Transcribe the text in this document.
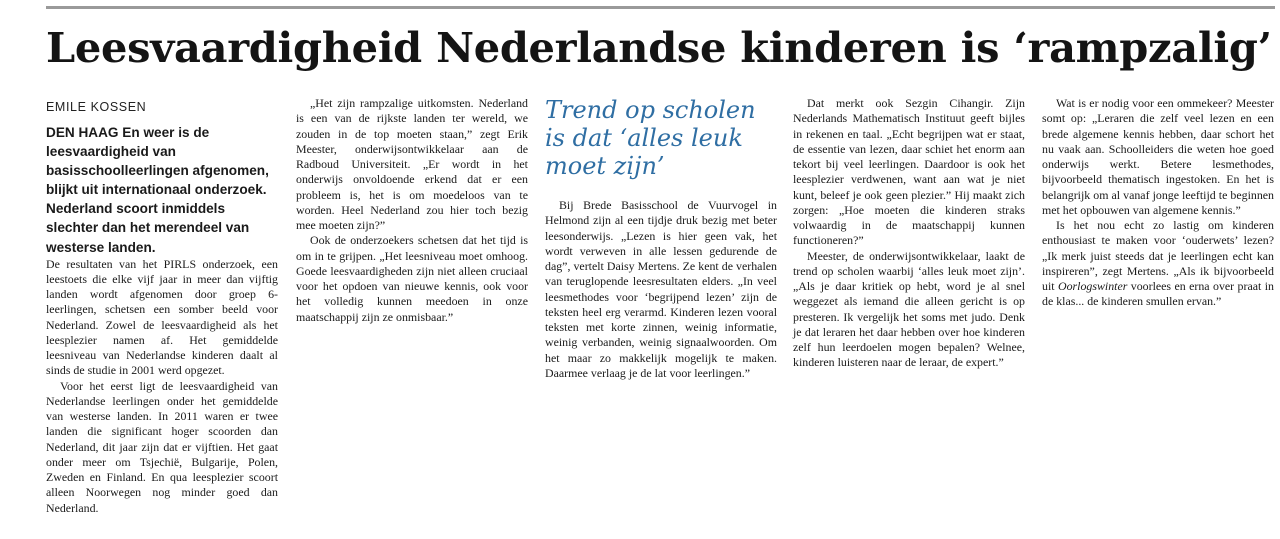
Leesvaardigheid Nederlandse kinderen is ‘rampzalig’
EMILE KOSSEN

DEN HAAG En weer is de leesvaardigheid van basisschoolleerlingen afgenomen, blijkt uit internationaal onderzoek. Nederland scoort inmiddels slechter dan het merendeel van westerse landen.

De resultaten van het PIRLS onderzoek, een leestoets die elke vijf jaar in meer dan vijftig landen wordt afgenomen door groep 6-leerlingen, schetsen een somber beeld voor Nederland. Zowel de leesvaardigheid als het leesplezier namen af. Het gemiddelde leesniveau van Nederlandse kinderen daalt al sinds de studie in 2001 werd opgezet.

Voor het eerst ligt de leesvaardigheid van Nederlandse leerlingen onder het gemiddelde van westerse landen. In 2011 waren er twee landen die significant hoger scoorden dan Nederland, dit jaar zijn dat er vijftien. Het gaat onder meer om Tsjechië, Bulgarije, Polen, Zweden en Finland. En qua leesplezier scoort alleen Noorwegen nog minder goed dan Nederland.

„Het zijn rampzalige uitkomsten. Nederland is een van de rijkste landen ter wereld, we zouden in de top moeten staan,” zegt Erik Meester, onderwijsontwikkelaar aan de Radboud Universiteit. „Er wordt in het onderwijs onvoldoende erkend dat er een probleem is, het is om moedeloos van te worden. Heel Nederland zou hier toch bezig mee moeten zijn?”

Ook de onderzoekers schetsen dat het tijd is om in te grijpen. „Het leesniveau moet omhoog. Goede leesvaardigheden zijn niet alleen cruciaal voor het opdoen van nieuwe kennis, ook voor het volledig kunnen meedoen in onze maatschappij zijn ze onmisbaar.”

Trend op scholen is dat ‘alles leuk moet zijn’

Bij Brede Basisschool de Vuurvogel in Helmond zijn al een tijdje druk bezig met beter leesonderwijs. „Lezen is hier geen vak, het wordt verweven in alle lessen gedurende de dag”, vertelt Daisy Mertens. Ze kent de verhalen van teruglopende leesresultaten elders. „In veel leesmethodes voor ‘begrijpend lezen’ zijn de teksten heel erg verarmd. Kinderen lezen vooral teksten met korte zinnen, weinig informatie, weinig verbanden, weinig signaalwoorden. Om het maar zo makkelijk mogelijk te maken. Daarmee verlaag je de lat voor leerlingen.”

Dat merkt ook Sezgin Cihangir. Zijn Nederlands Mathematisch Instituut geeft bijles in rekenen en taal. „Echt begrijpen wat er staat, de essentie van lezen, daar schiet het enorm aan tekort bij veel leerlingen. Daardoor is ook het leesplezier verdwenen, want aan wat je niet kunt, beleef je ook geen plezier.” Hij maakt zich zorgen: „Hoe moeten die kinderen straks volwaardig in de maatschappij kunnen functioneren?”

Meester, de onderwijsontwikkelaar, laakt de trend op scholen waarbij ‘alles leuk moet zijn’. „Als je daar kritiek op hebt, word je al snel weggezet als iemand die alleen gericht is op presteren. Ik vergelijk het soms met judo. Denk je dat leraren het daar hebben over hoe kinderen zelf hun leerdoelen mogen bepalen? Welnee, kinderen luisteren naar de leraar, de expert.”

Wat is er nodig voor een ommekeer? Meester somt op: „Leraren die zelf veel lezen en een brede algemene kennis hebben, daar schort het nu vaak aan. Schoolleiders die weten hoe goed onderwijs werkt. Betere lesmethodes, bijvoorbeeld thematisch ingestoken. En het is belangrijk om al vanaf jonge leeftijd te beginnen met het opbouwen van algemene kennis.”

Is het nou echt zo lastig om kinderen enthousiast te maken voor ‘ouderwets’ lezen? „Ik merk juist steeds dat je leerlingen echt kan inspireren”, zegt Mertens. „Als ik bijvoorbeeld uit Oorlogswinter voorlees en erna over praat in de klas... de kinderen smullen ervan.”
